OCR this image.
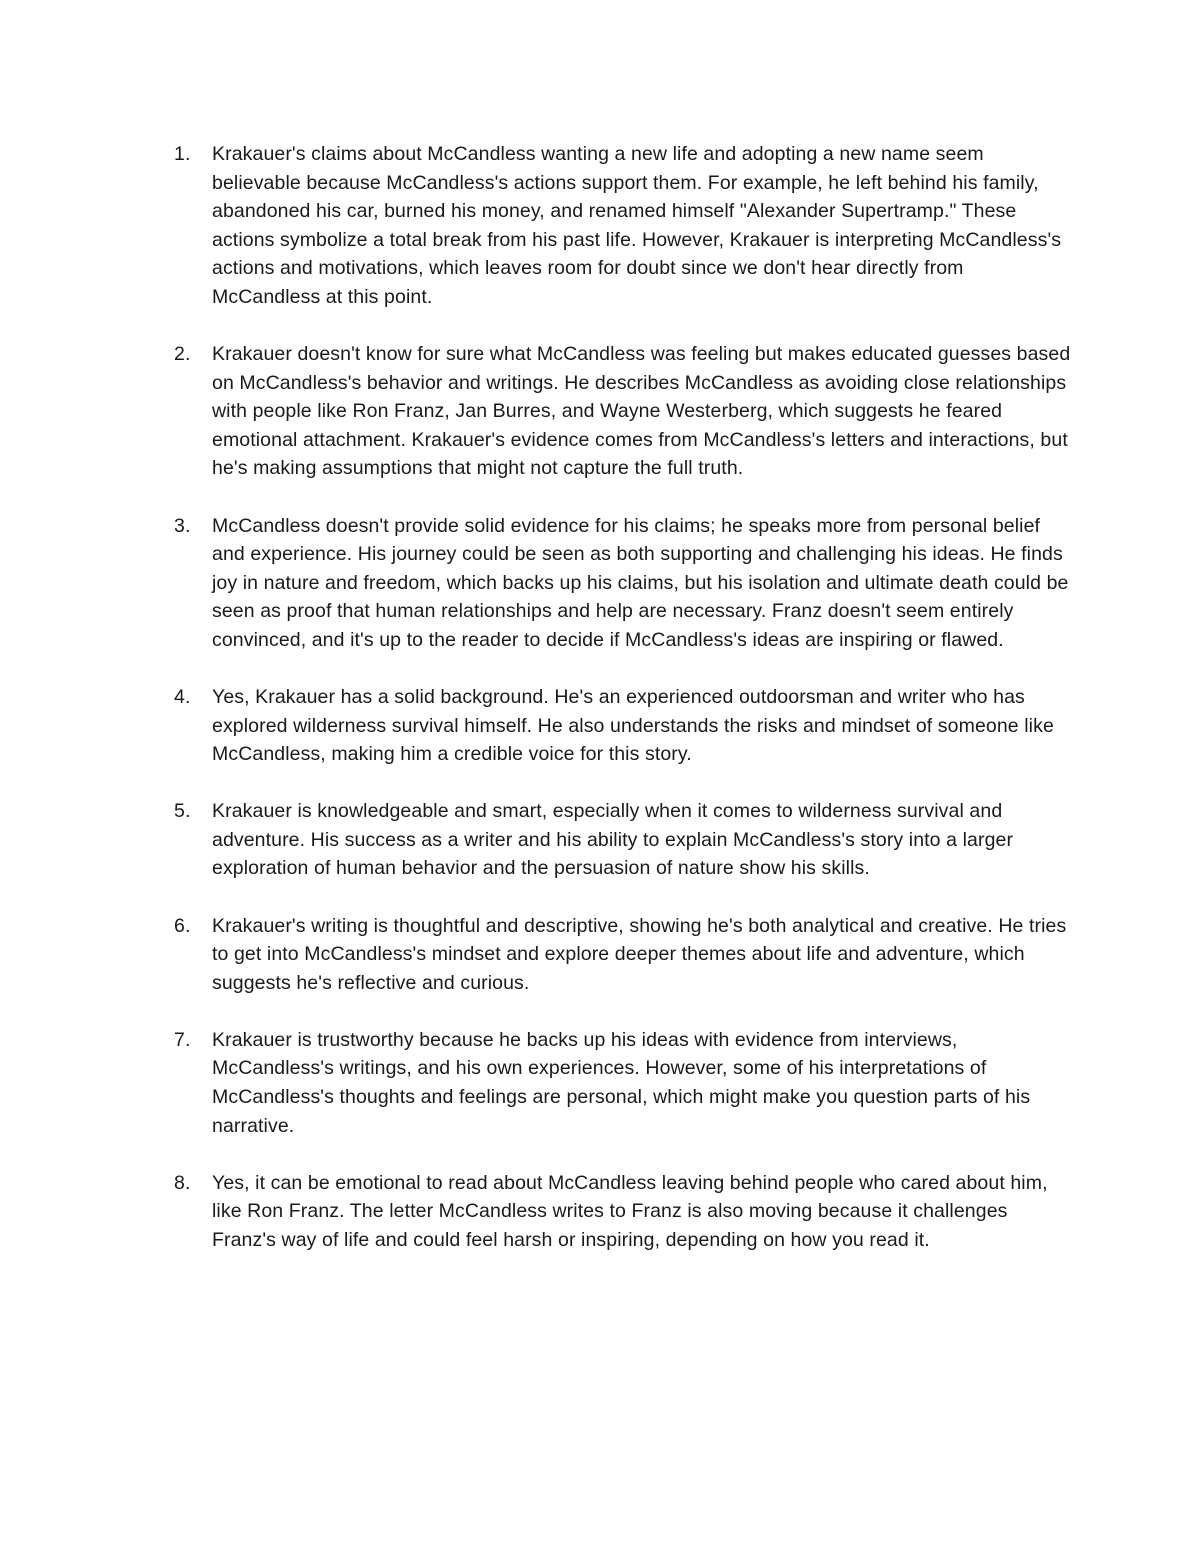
1.	Krakauer's claims about McCandless wanting a new life and adopting a new name seem believable because McCandless's actions support them. For example, he left behind his family, abandoned his car, burned his money, and renamed himself "Alexander Supertramp." These actions symbolize a total break from his past life. However, Krakauer is interpreting McCandless's actions and motivations, which leaves room for doubt since we don't hear directly from McCandless at this point.
2.	Krakauer doesn't know for sure what McCandless was feeling but makes educated guesses based on McCandless's behavior and writings. He describes McCandless as avoiding close relationships with people like Ron Franz, Jan Burres, and Wayne Westerberg, which suggests he feared emotional attachment. Krakauer's evidence comes from McCandless's letters and interactions, but he's making assumptions that might not capture the full truth.
3.	McCandless doesn't provide solid evidence for his claims; he speaks more from personal belief and experience. His journey could be seen as both supporting and challenging his ideas. He finds joy in nature and freedom, which backs up his claims, but his isolation and ultimate death could be seen as proof that human relationships and help are necessary. Franz doesn't seem entirely convinced, and it's up to the reader to decide if McCandless's ideas are inspiring or flawed.
4.	Yes, Krakauer has a solid background. He's an experienced outdoorsman and writer who has explored wilderness survival himself. He also understands the risks and mindset of someone like McCandless, making him a credible voice for this story.
5.	Krakauer is knowledgeable and smart, especially when it comes to wilderness survival and adventure. His success as a writer and his ability to explain McCandless's story into a larger exploration of human behavior and the persuasion of nature show his skills.
6.	Krakauer's writing is thoughtful and descriptive, showing he's both analytical and creative. He tries to get into McCandless's mindset and explore deeper themes about life and adventure, which suggests he's reflective and curious.
7.	Krakauer is trustworthy because he backs up his ideas with evidence from interviews, McCandless's writings, and his own experiences. However, some of his interpretations of McCandless's thoughts and feelings are personal, which might make you question parts of his narrative.
8.	Yes, it can be emotional to read about McCandless leaving behind people who cared about him, like Ron Franz. The letter McCandless writes to Franz is also moving because it challenges Franz's way of life and could feel harsh or inspiring, depending on how you read it.
